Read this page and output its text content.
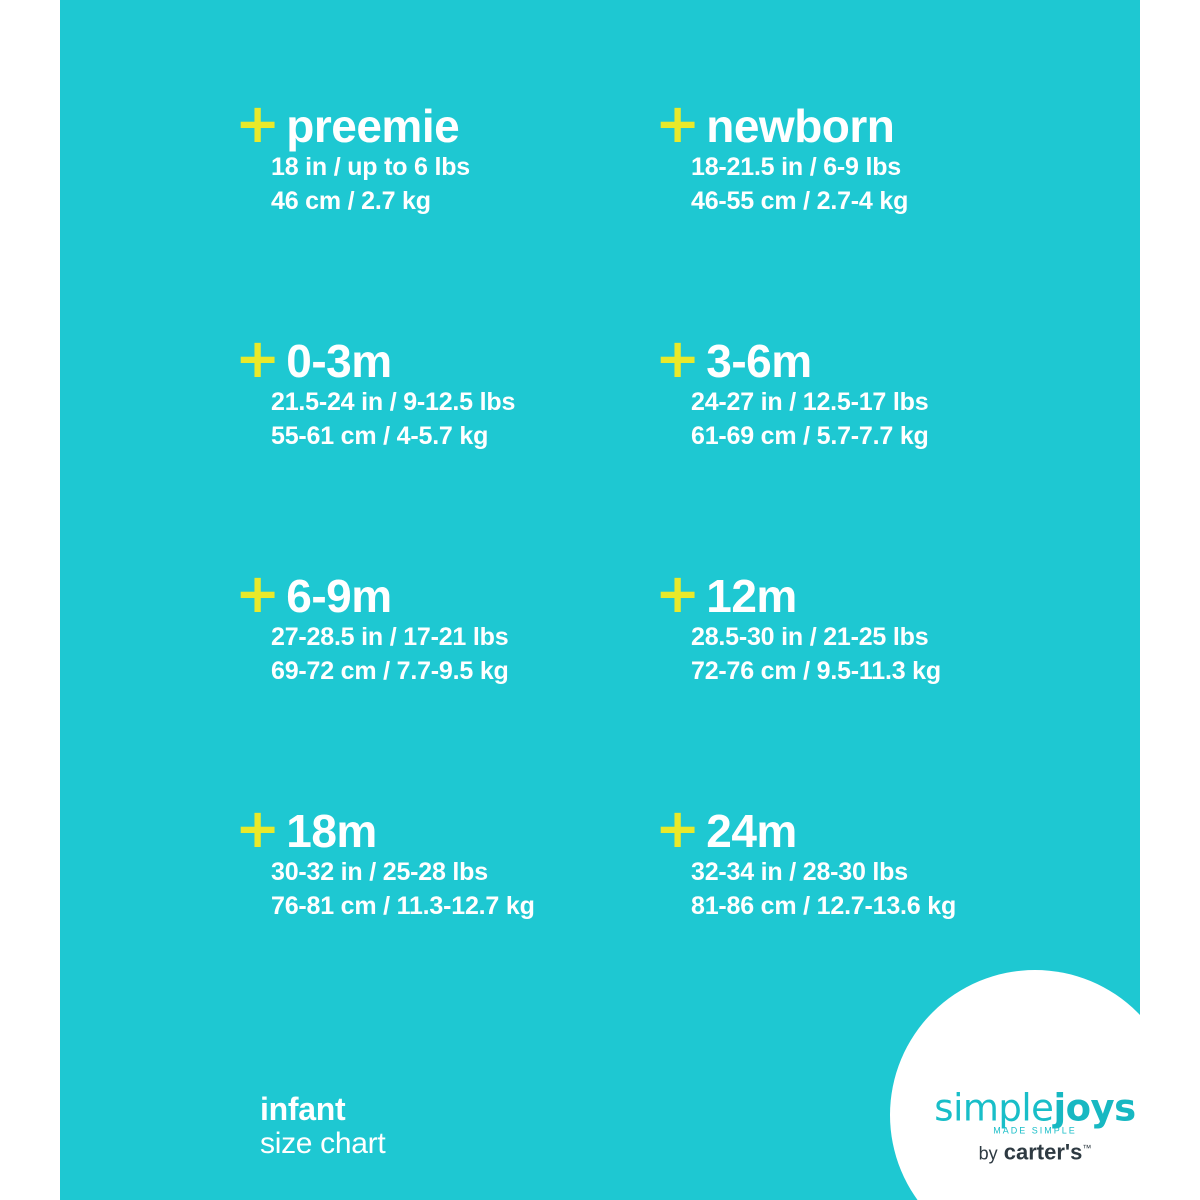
+ preemie
18 in / up to 6 lbs
46 cm / 2.7 kg
+ newborn
18-21.5 in / 6-9 lbs
46-55 cm / 2.7-4 kg
+ 0-3m
21.5-24 in / 9-12.5 lbs
55-61 cm / 4-5.7 kg
+ 3-6m
24-27 in / 12.5-17 lbs
61-69 cm / 5.7-7.7 kg
+ 6-9m
27-28.5 in / 17-21 lbs
69-72 cm / 7.7-9.5 kg
+ 12m
28.5-30 in / 21-25 lbs
72-76 cm / 9.5-11.3 kg
+ 18m
30-32 in / 25-28 lbs
76-81 cm / 11.3-12.7 kg
+ 24m
32-34 in / 28-30 lbs
81-86 cm / 12.7-13.6 kg
infant
size chart
simplejoys
MADE SIMPLE
by carter's™
